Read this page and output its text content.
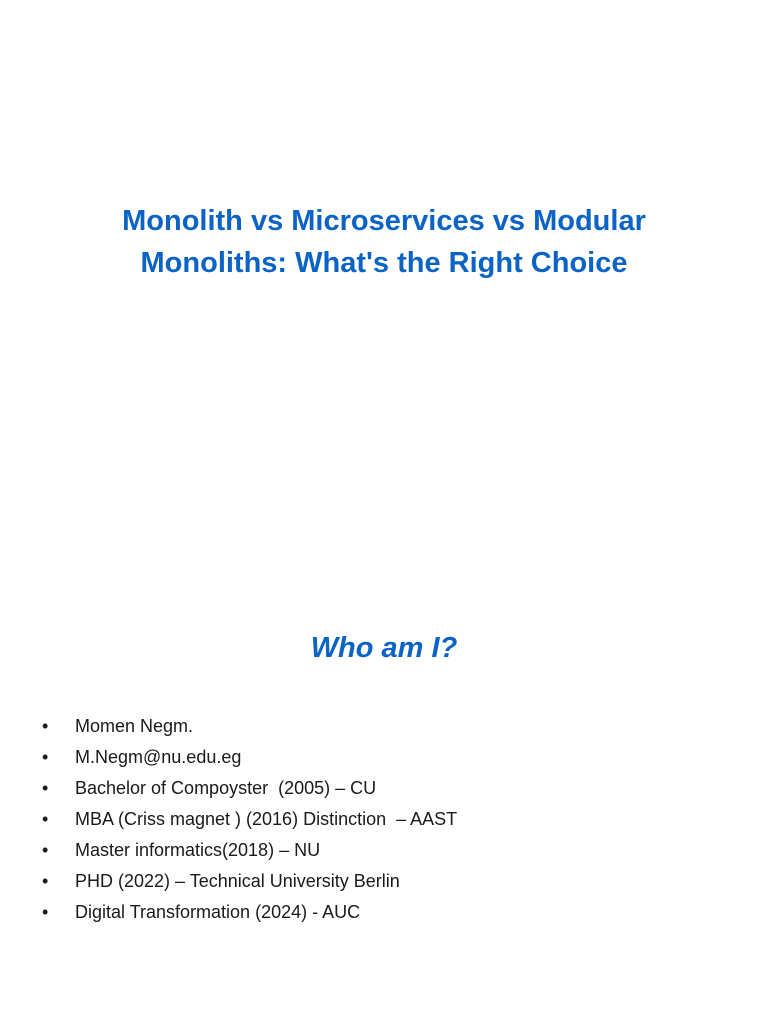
Monolith vs Microservices vs Modular
Monoliths: What's the Right Choice
Who am I?

•

	Momen Negm.

•

	M.Negm@nu.edu.eg

•

	Bachelor of Compoyster  (2005) – CU

•

	MBA (Criss magnet ) (2016) Distinction  – AAST

•

	Master informatics(2018) – NU

•

	PHD (2022) – Technical University Berlin

•

	Digital Transformation (2024) - AUC
